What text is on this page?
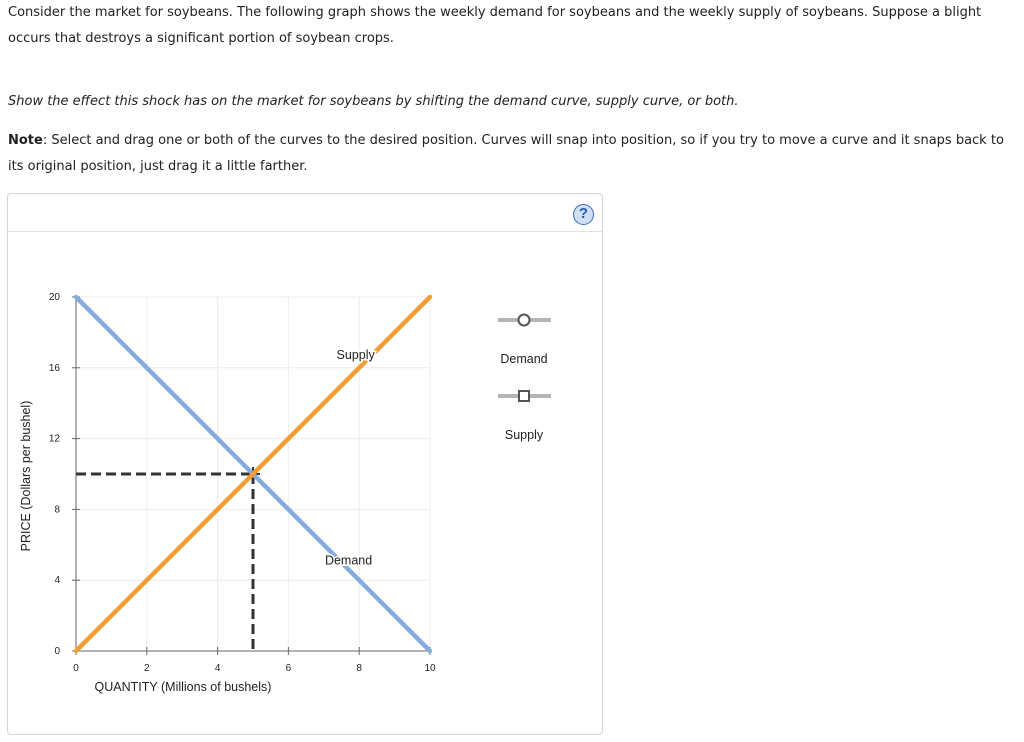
Consider the market for soybeans. The following graph shows the weekly demand for soybeans and the weekly supply of soybeans. Suppose a blight occurs that destroys a significant portion of soybean crops.

Show the effect this shock has on the market for soybeans by shifting the demand curve, supply curve, or both.

Note: Select and drag one or both of the curves to the desired position. Curves will snap into position, so if you try to move a curve and it snaps back to its original position, just drag it a little farther.

?
0	2	4	6	8	10
0
4
8
12
16
20
Demand
Supply
QUANTITY (Millions of bushels)
PRICE (Dollars per bushel)
Demand
Supply
